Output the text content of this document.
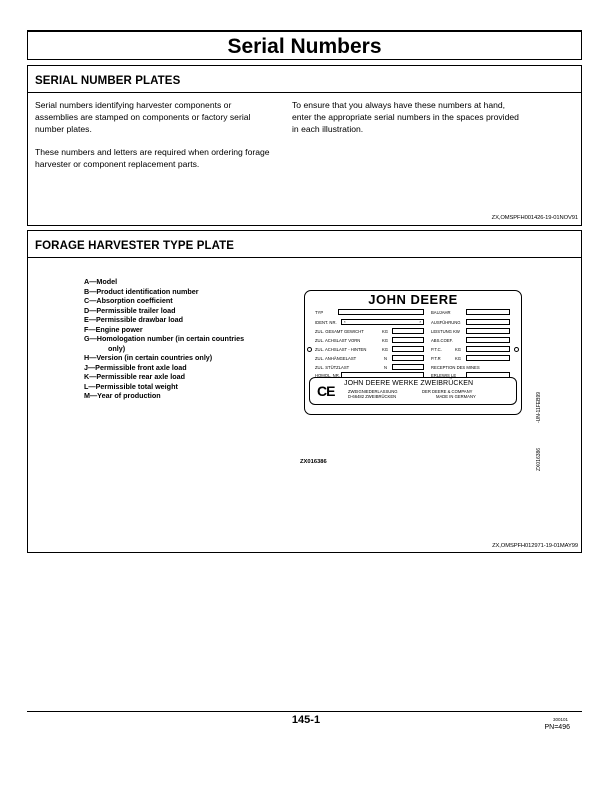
Serial Numbers
SERIAL NUMBER PLATES
Serial numbers identifying harvester components or assemblies are stamped on components or factory serial number plates.
These numbers and letters are required when ordering forage harvester or component replacement parts.
To ensure that you always have these numbers at hand, enter the appropriate serial numbers in the spaces provided in each illustration.
ZX,OMSPFH001426-19-01NOV91
FORAGE HARVESTER TYPE PLATE
A—Model
B—Product identification number
C—Absorption coefficient
D—Permissible trailer load
E—Permissible drawbar load
F—Engine power
G—Homologation number (in certain countries
only)
H—Version (in certain countries only)
J—Permissible front axle load
K—Permissible rear axle load
L—Permissible total weight
M—Year of production
JOHN DEERE
TYP
IDENT. NR. *	*
ZUL. GESAMT GEWICHT	KG
ZUL. ACHSLAST VORN	KG
ZUL. ACHSLAST - HINTEN	KG
ZUL. ANHÄNGELAST	N
ZUL. STÜTZLAST	N
HOMOL. NR.
BAUJAHR
AUSFÜHRUNG
LEISTUNG KW
ABS.COEF.
P.T.C.	KG
P.T.R	KG
RECEPTION DES MINES
ERLEWIS LE
CE JOHN DEERE WERKE ZWEIBRÜCKEN
ZWEIGNIEDERLASSUNG
D-66482 ZWEIBRÜCKEN
DER DEERE & COMPANY
MADE IN GERMANY
ZX016386
-UN-11FEB99
ZX016386
ZX,OMSPFH012971-19-01MAY99
145-1	300101
PN=496
